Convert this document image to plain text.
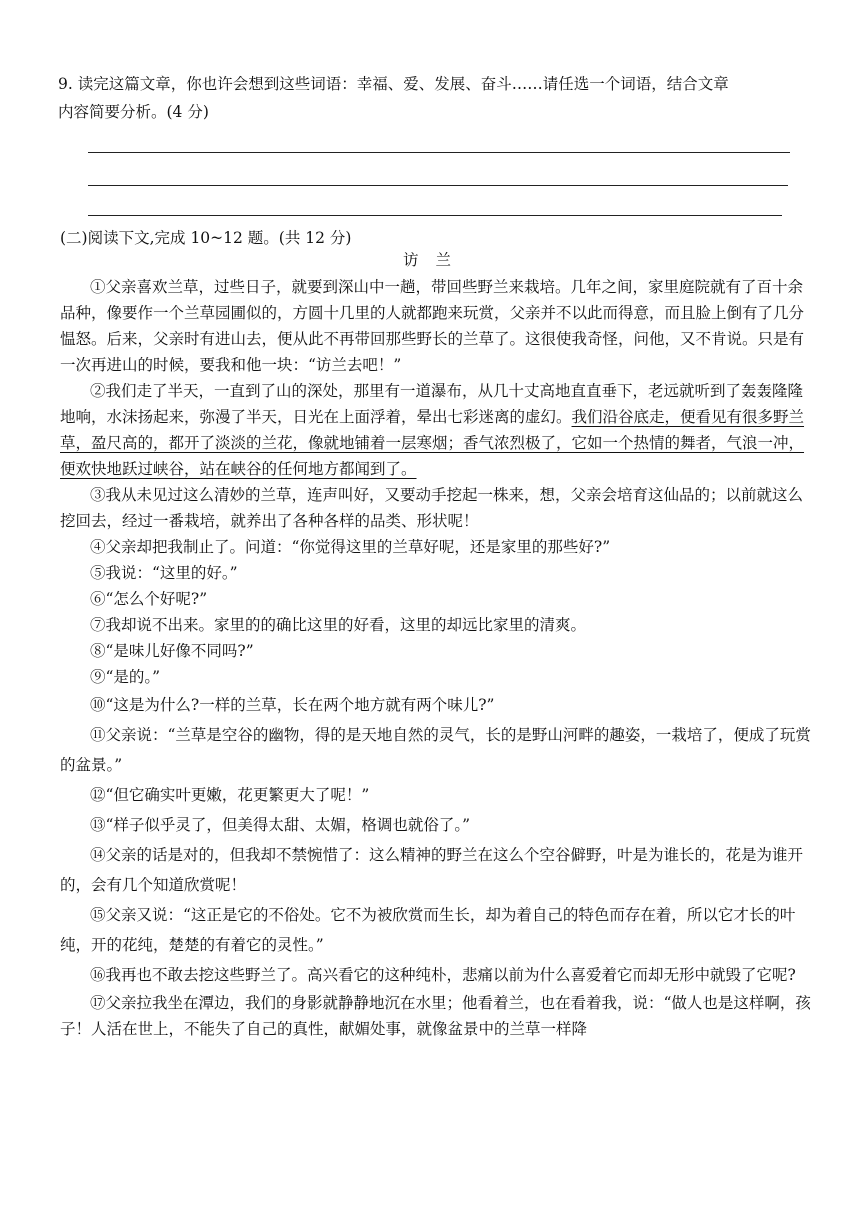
9. 读完这篇文章，你也许会想到这些词语：幸福、爱、发展、奋斗……请任选一个词语，结合文章
内容简要分析。(4 分)
(二)阅读下文,完成 10~12 题。(共 12 分)
访 兰

①父亲喜欢兰草，过些日子，就要到深山中一趟，带回些野兰来栽培。几年之间，家里庭院就有了百十余品种，像要作一个兰草园圃似的，方圆十几里的人就都跑来玩赏，父亲并不以此而得意，而且脸上倒有了几分愠怒。后来，父亲时有进山去，便从此不再带回那些野长的兰草了。这很使我奇怪，问他，又不肯说。只是有一次再进山的时候，要我和他一块：“访兰去吧！”

②我们走了半天，一直到了山的深处，那里有一道瀑布，从几十丈高地直直垂下，老远就听到了轰轰隆隆地响，水沫扬起来，弥漫了半天，日光在上面浮着，晕出七彩迷离的虚幻。我们沿谷底走，便看见有很多野兰草，盈尺高的，都开了淡淡的兰花，像就地铺着一层寒烟；香气浓烈极了，它如一个热情的舞者，气浪一冲，便欢快地跃过峡谷，站在峡谷的任何地方都闻到了。

③我从未见过这么清妙的兰草，连声叫好，又要动手挖起一株来，想，父亲会培育这仙品的；以前就这么挖回去，经过一番栽培，就养出了各种各样的品类、形状呢！

④父亲却把我制止了。问道：“你觉得这里的兰草好呢，还是家里的那些好?”

⑤我说：“这里的好。”

⑥“怎么个好呢?”

⑦我却说不出来。家里的的确比这里的好看，这里的却远比家里的清爽。

⑧“是味儿好像不同吗?”

⑨“是的。”

⑩“这是为什么?一样的兰草，长在两个地方就有两个味儿?”

⑪父亲说：“兰草是空谷的幽物，得的是天地自然的灵气，长的是野山河畔的趣姿，一栽培了，便成了玩赏的盆景。”

⑫“但它确实叶更嫩，花更繁更大了呢！”

⑬“样子似乎灵了，但美得太甜、太媚，格调也就俗了。”

⑭父亲的话是对的，但我却不禁惋惜了：这么精神的野兰在这么个空谷僻野，叶是为谁长的，花是为谁开的，会有几个知道欣赏呢！

⑮父亲又说：“这正是它的不俗处。它不为被欣赏而生长，却为着自己的特色而存在着，所以它才长的叶纯，开的花纯，楚楚的有着它的灵性。”

⑯我再也不敢去挖这些野兰了。高兴看它的这种纯朴，悲痛以前为什么喜爱着它而却无形中就毁了它呢?

⑰父亲拉我坐在潭边，我们的身影就静静地沉在水里；他看着兰，也在看着我，说：“做人也是这样啊，孩子！人活在世上，不能失了自己的真性，献媚处事，就像盆景中的兰草一样降
